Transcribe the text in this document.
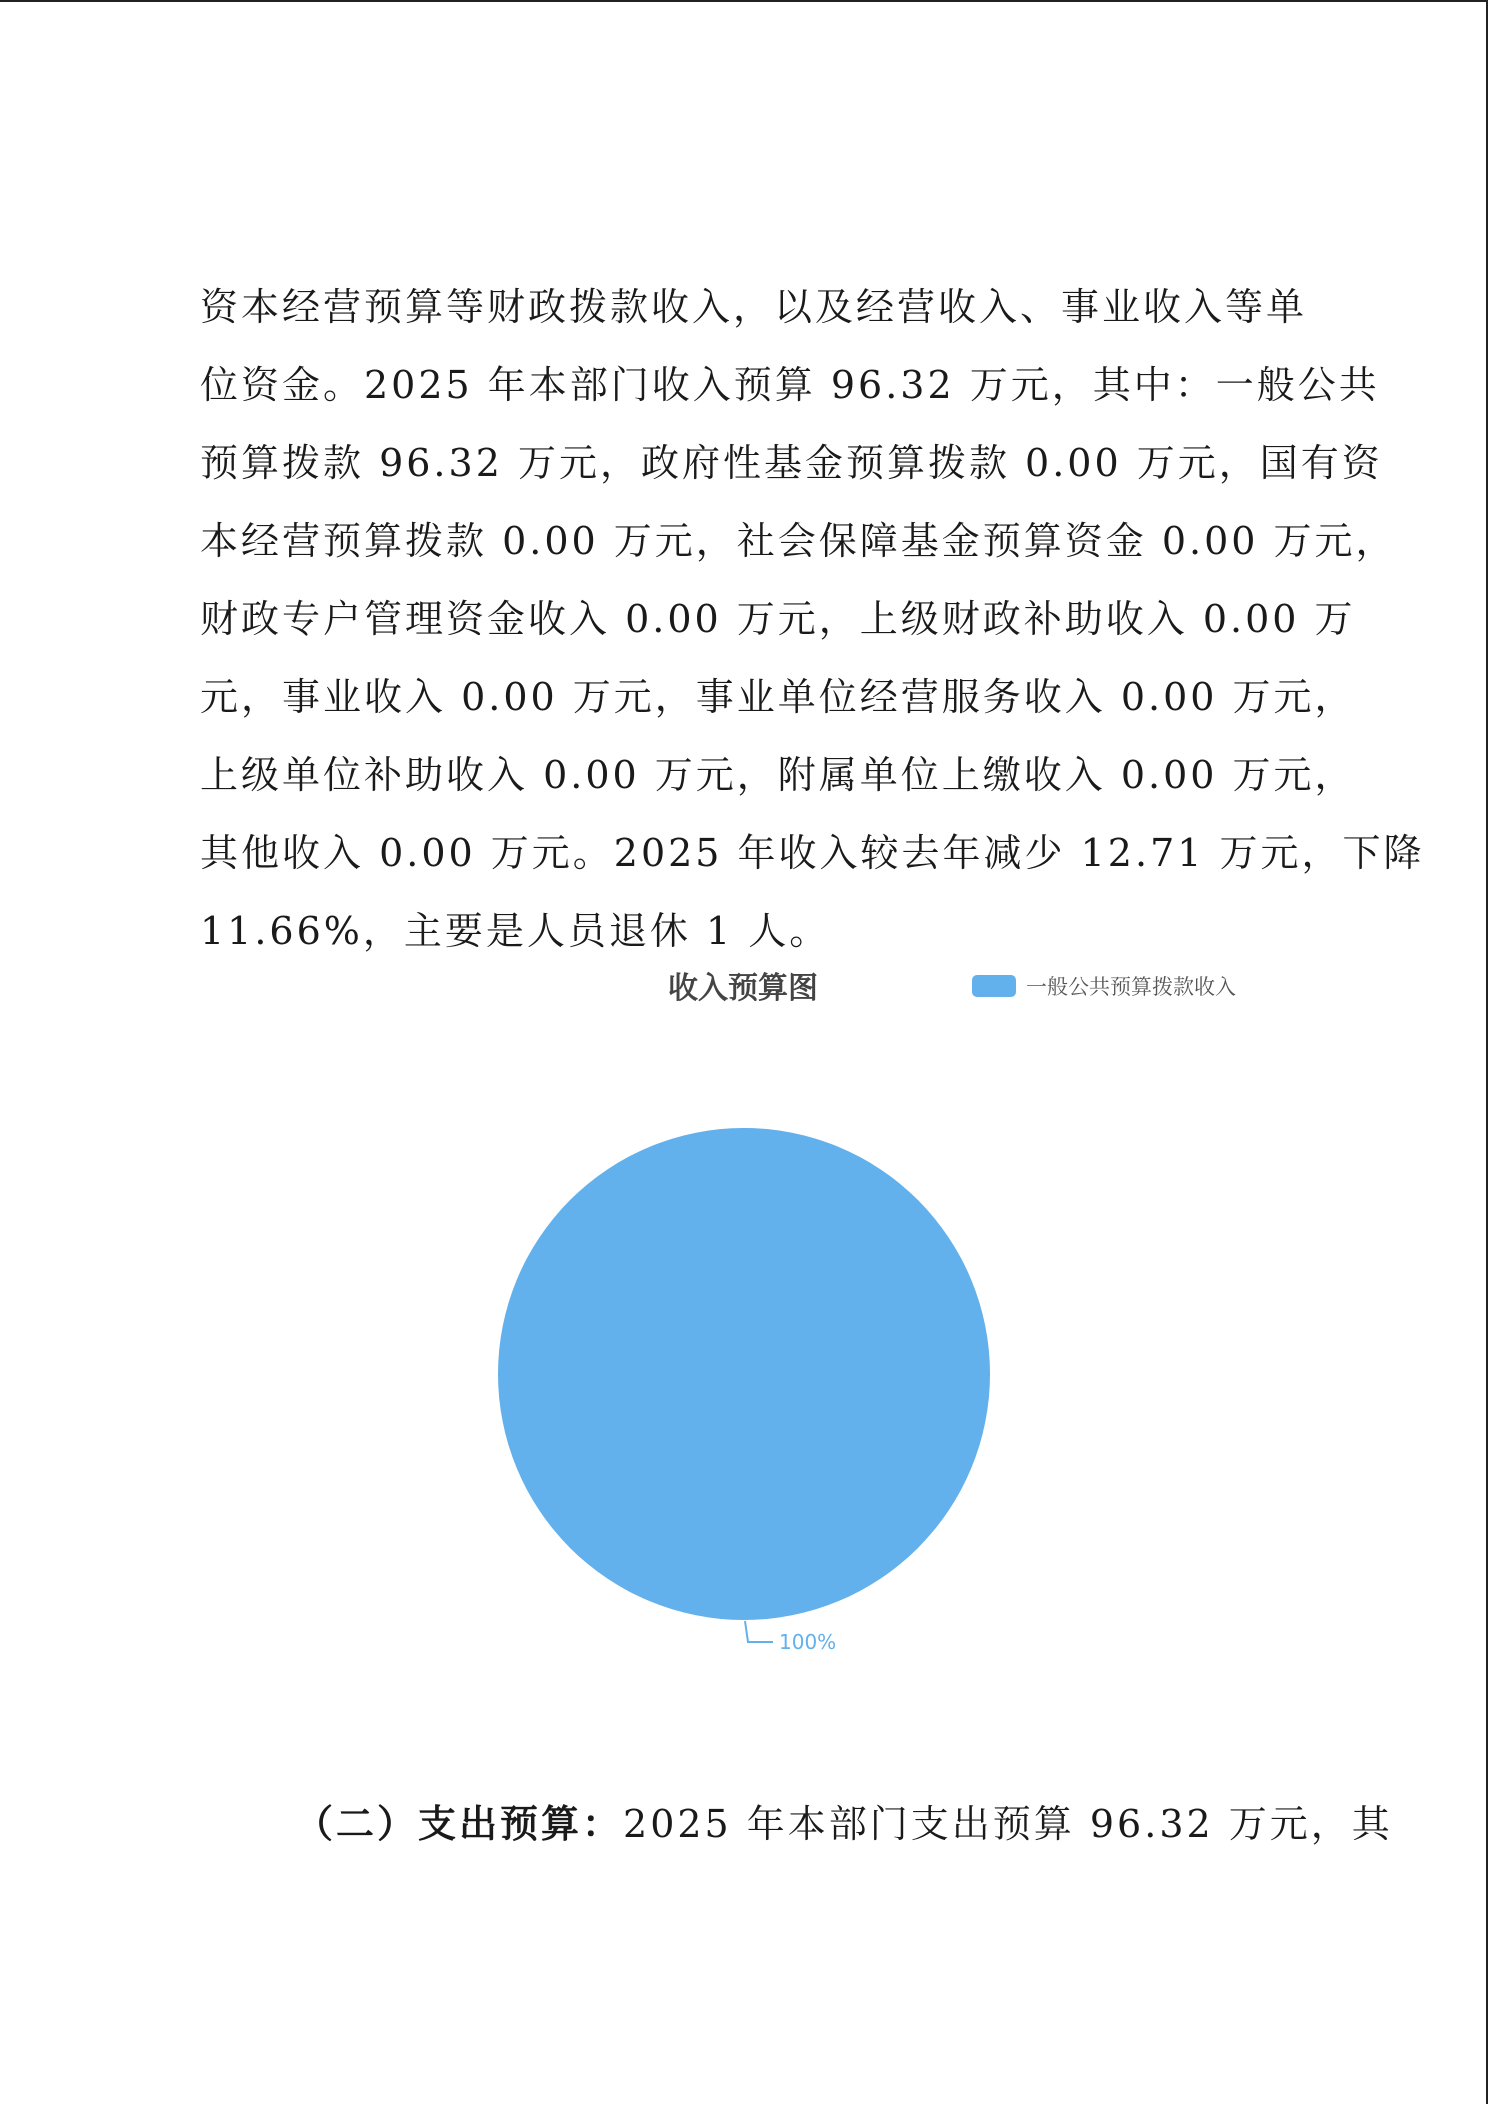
资本经营预算等财政拨款收入，以及经营收入、事业收入等单
位资金。2025 年本部门收入预算 96.32 万元，其中：一般公共
预算拨款 96.32 万元，政府性基金预算拨款 0.00 万元，国有资
本经营预算拨款 0.00 万元，社会保障基金预算资金 0.00 万元，
财政专户管理资金收入 0.00 万元，上级财政补助收入 0.00 万
元，事业收入 0.00 万元，事业单位经营服务收入 0.00 万元，
上级单位补助收入 0.00 万元，附属单位上缴收入 0.00 万元，
其他收入 0.00 万元。2025 年收入较去年减少 12.71 万元，下降
11.66%，主要是人员退休 1 人。
收入预算图	一般公共预算拨款收入
100%
（二）支出预算：2025 年本部门支出预算 96.32 万元，其
